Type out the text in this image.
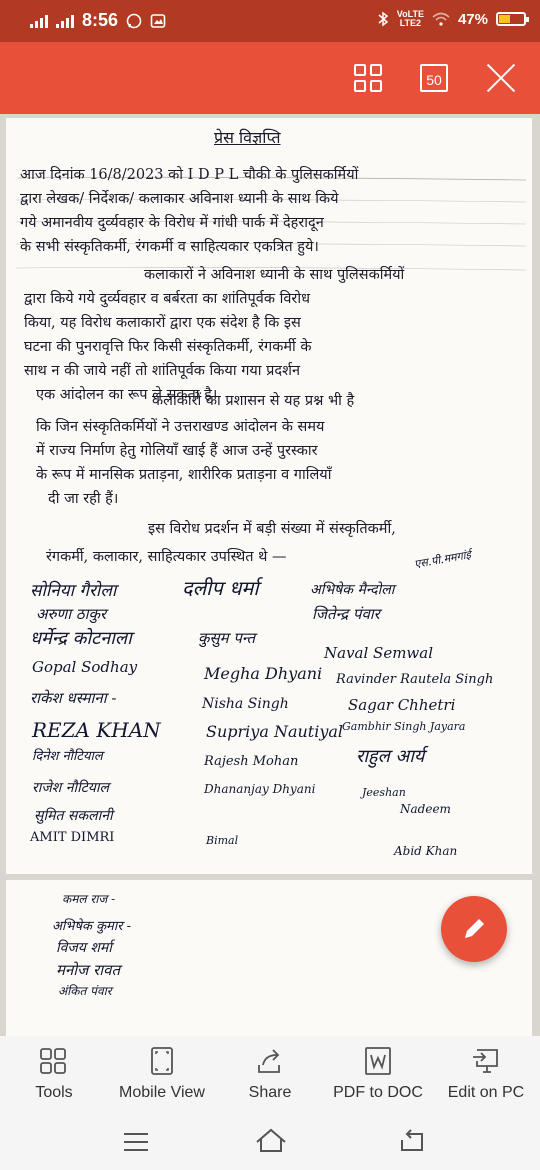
8:56	VoLTE
LTE2 47%
50
प्रेस विज्ञप्ति
आज दिनांक 16/8/2023 को I D P L चौकी के पुलिसकर्मियों
द्वारा लेखक/ निर्देशक/ कलाकार अविनाश ध्यानी के साथ किये
गये अमानवीय दुर्व्यवहार के विरोध में गांधी पार्क में देहरादून
के सभी संस्कृतिकर्मी, रंगकर्मी व साहित्यकार एकत्रित हुये।
कलाकारों ने अविनाश ध्यानी के साथ पुलिसकर्मियों
द्वारा किये गये दुर्व्यवहार व बर्बरता का शांतिपूर्वक विरोध
किया, यह विरोध कलाकारों द्वारा एक संदेश है कि इस
घटना की पुनरावृत्ति फिर किसी संस्कृतिकर्मी, रंगकर्मी के
साथ न की जाये नहीं तो शांतिपूर्वक किया गया प्रदर्शन
एक आंदोलन का रूप ले सकता है।
कलाकारों का प्रशासन से यह प्रश्न भी है
कि जिन संस्कृतिकर्मियों ने उत्तराखण्ड आंदोलन के समय
में राज्य निर्माण हेतु गोलियाँ खाई हैं आज उन्हें पुरस्कार
के रूप में मानसिक प्रताड़ना, शारीरिक प्रताड़ना व गालियाँ
दी जा रही हैं।
इस विरोध प्रदर्शन में बड़ी संख्या में संस्कृतिकर्मी,
रंगकर्मी, कलाकार, साहित्यकार उपस्थित थे —
सोनिया गैरोला	दलीप धर्मा	अभिषेक मैन्दोला
एस.पी.ममगांई
अरुणा ठाकुर	जितेन्द्र पंवार
धर्मेन्द्र कोटनाला	कुसुम पन्त
Gopal Sodhay
Naval Semwal
Megha Dhyani Ravinder Rautela Singh
राकेश धस्माना -	Nisha Singh	Sagar Chhetri
REZA KHAN	Supriya Nautiyal
Gambhir Singh Jayara
Rajesh Mohan	राहुल आर्य
Dhananjay Dhyani
दिनेश नौटियाल
राजेश नौटियाल
सुमित सकलानी
Jeeshan
Nadeem
AMIT DIMRI	Bimal
Abid Khan
कमल राज -
अभिषेक कुमार -
विजय शर्मा
मनोज रावत
अंकित पंवार
Tools	Mobile View	Share	PDF to DOC	Edit on PC
